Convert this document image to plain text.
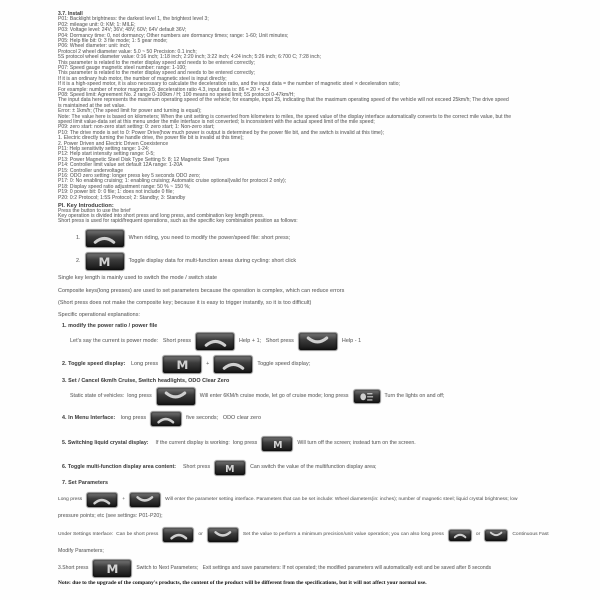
3.7. Install
P01: Backlight brightness: the darkest level 1, the brightest level 3;
P02: mileage unit: 0: KM; 1: MILE;
P03: Voltage level: 24V; 36V; 48V; 60V; 64V default 36V;
P04: Dormancy time: 0, not dormancy; Other numbers are dormancy times; range: 1-60; Unit minutes;
P05: Help file bit: 0: 3 file mode; 1: 5 gear mode;
P06: Wheel diameter: unit: inch;
Protocol 2 wheel diameter value: 5.0 ~ 50 Precision: 0.1 inch;
5S protocol wheel diameter value: 0:16 inch; 1:18 inch; 2:20 inch; 3:22 inch; 4:24 inch; 5:26 inch; 6:700 C; 7:28 inch;
This parameter is related to the meter display speed and needs to be entered correctly;
P07: Speed gauge magnetic steel number: range: 1-100;
This parameter is related to the meter display speed and needs to be entered correctly;
If it is an ordinary hub motor, the number of magnetic steel is input directly;
If it is a high-speed motor, it is also necessary to calculate the deceleration ratio, and the input data = the number of magnetic steel × deceleration ratio;
For example: number of motor magnets 20, deceleration ratio 4.3, input data is: 86 = 20 × 4.3
P08: Speed limit: Agreement No. 2 range 0-100km / H; 100 means no speed limit; 5S protocol 0-47km/H;
The input data here represents the maximum operating speed of the vehicle; for example, input 25, indicating that the maximum operating speed of the vehicle will not exceed 25km/h; The drive speed
is maintained at the set value.
Error: ± 1km/h; (The speed limit for power and turning is equal);
Note: The value here is based on kilometers; When the unit setting is converted from kilometers to miles, the speed value of the display interface automatically converts to the correct mile value, but the
speed limit value-data set at this menu under the mile interface is not converted; Is inconsistent with the actual speed limit of the mile speed;
P09: zero start: non-zero start setting: 0: zero start; 1: Non-zero start;
P10: The drive mode is set to 0: Power Drive(how much power is output is determined by the power file bit, and the switch is invalid at this time);
1. Electric directly turning the handle drive, the power file bit is invalid at this time);
2. Power Driven and Electric Driven Coexistence
P11: Help sensitivity setting range: 1-24;
P12: Help start intensity setting range: 0-5;
P13: Power Magnetic Steel Disk Type Setting 5: 8; 12 Magnetic Steel Types
P14: Controller limit value set default 12A range: 1-20A
P15: Controller undervoltage
P16: ODO zero setting: longer press key 5 seconds ODO zero;
P17: 0: No enabling cruising; 1: enabling cruising; Automatic cruise optional(valid for protocol 2 only);
P18: Display speed ratio adjustment range: 50 % ~ 150 %;
P19: 0 power bit: 0: 0 file; 1: does not include 0 file;
P20: 0:2 Protocol; 1:5S Protocol; 2: Standby; 3: Standby
Pl. Key Introduction:
Press the button to use the brief
Key operation is divided into short press and long press, and combination key length press.
Short press is used for rapid/frequent operations, such as the specific key combination position as follows:
1.	When riding, you need to modify the power/speed file: short press;
2. M	Toggle display data for multi-function areas during cycling: short click
Single key length is mainly used to switch the mode / switch state
Composite keys(long presses) are used to set parameters because the operation is complex, which can reduce errors
(Short press does not make the composite key; because it is easy to trigger instantly, so it is too difficult)
Specific operational explanations:
1. modify the power ratio / power file
Let's say the current is power mode:   Short press	Help + 1;   Short press	Help - 1
2. Toggle speed display: Long press M	+	Toggle speed display;
3. Set / Cancel 6km/h Cruise, Switch headlights, ODO Clear Zero
Static state of vehicles:  long press	Will enter 6KM/h cruise mode, let go of cruise mode; long press	Turn the lights on and off;
4. In Menu Interface: long press	five seconds;   ODO clear zero
5. Switching liquid crystal display: If the current display is working:  long press M	Will turn off the screen; instead turn on the screen.
6. Toggle multi-function display area content: Short press M	Can switch the value of the multifunction display area;
7. Set Parameters
Long press	+	Will enter the parameter setting interface. Parameters that can be set include: Wheel diameters(in: inches); number of magnetic steel; liquid crystal brightness; low
pressure points; etc (see settings: P01-P20);
Under Settings Interface:  Can be short press	or	Set the value to perform a minimum precision/unit value operation; you can also long press	or	Continuous Fast
Modify Parameters;
3.Short press M	Switch to Next Parameters;   Exit settings and save parameters: If not operated; the modified parameters will automatically exit and be saved after 8 seconds
Note: due to the upgrade of the company's products, the content of the product will be different from the specifications, but it will not affect your normal use.
